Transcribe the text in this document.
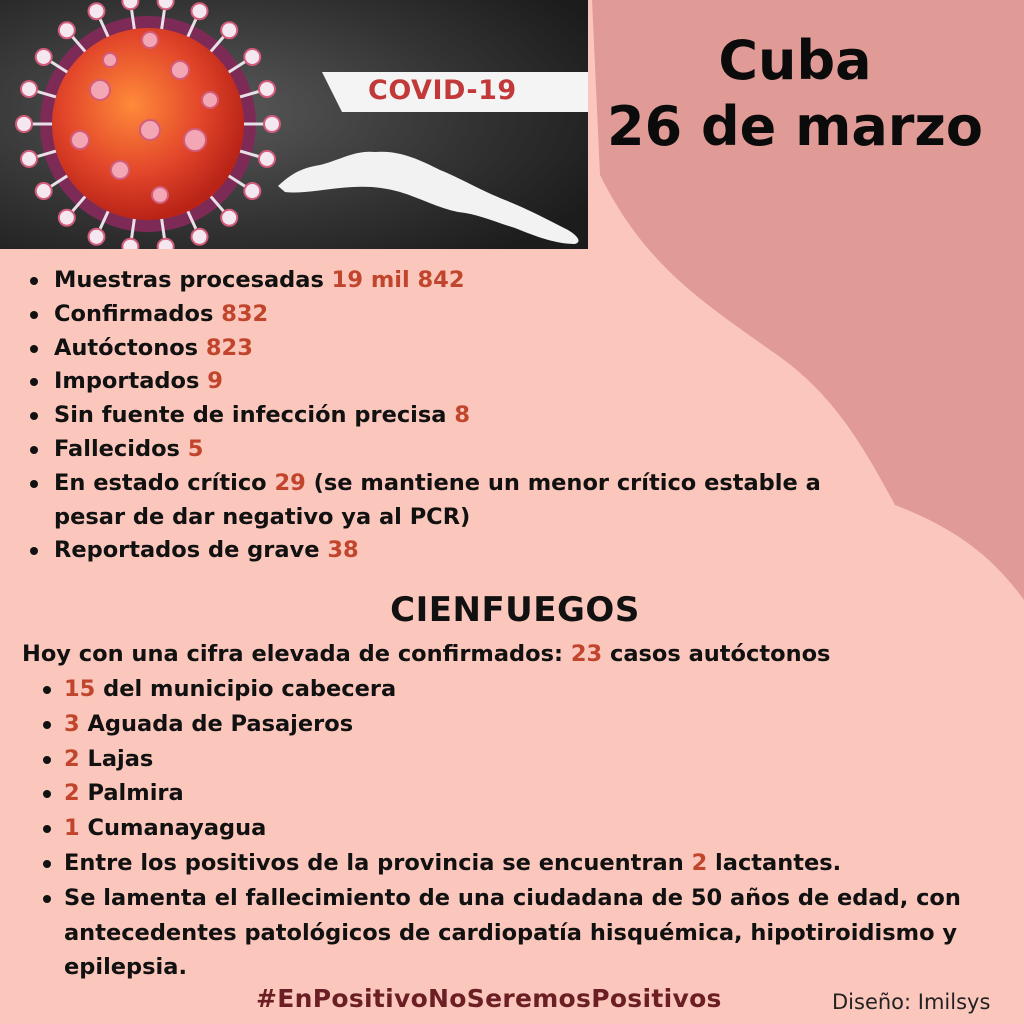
COVID-19	Cuba
26 de marzo
Muestras procesadas 19 mil 842
Confirmados 832
Autóctonos 823
Importados 9
Sin fuente de infección precisa 8
Fallecidos 5
En estado crítico 29 (se mantiene un menor crítico estable a pesar de dar negativo ya al PCR)
Reportados de grave 38
CIENFUEGOS
Hoy con una cifra elevada de confirmados: 23 casos autóctonos
15 del municipio cabecera
3 Aguada de Pasajeros
2 Lajas
2 Palmira
1 Cumanayagua
Entre los positivos de la provincia se encuentran 2 lactantes.
Se lamenta el fallecimiento de una ciudadana de 50 años de edad, con antecedentes patológicos de cardiopatía hisquémica, hipotiroidismo y epilepsia.
#EnPositivoNoSeremosPositivos	Diseño: Imilsys
